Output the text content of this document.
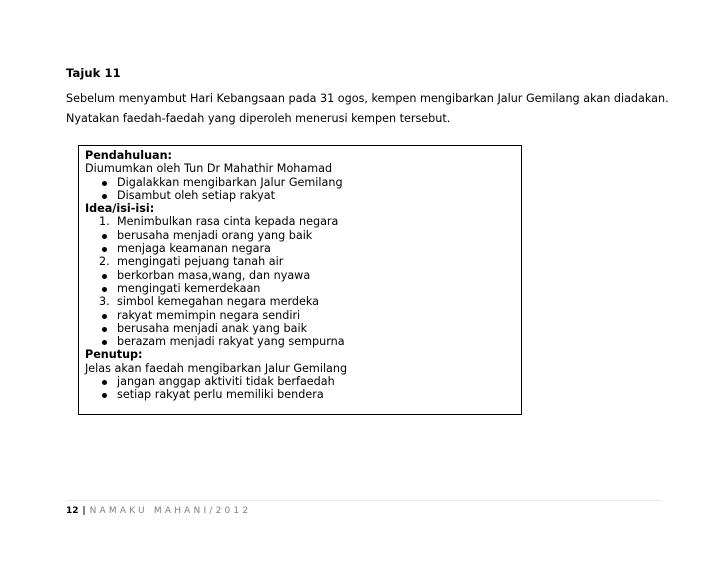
Tajuk 11
Sebelum menyambut Hari Kebangsaan pada 31 ogos, kempen mengibarkan Jalur Gemilang akan diadakan. Nyatakan faedah-faedah yang diperoleh menerusi kempen tersebut.
Pendahuluan:
Diumumkan oleh Tun Dr Mahathir Mohamad
Digalakkan mengibarkan Jalur Gemilang
Disambut oleh setiap rakyat
Idea/isi-isi:
1. Menimbulkan rasa cinta kepada negara
berusaha menjadi orang yang baik
menjaga keamanan negara
2. mengingati pejuang tanah air
berkorban masa,wang, dan nyawa
mengingati kemerdekaan
3. simbol kemegahan negara merdeka
rakyat memimpin negara sendiri
berusaha menjadi anak yang baik
berazam menjadi rakyat yang sempurna
Penutup:
Jelas akan faedah mengibarkan Jalur Gemilang
jangan anggap aktiviti tidak berfaedah
setiap rakyat perlu memiliki bendera
12 | NAMAKU MAHANI/2012
